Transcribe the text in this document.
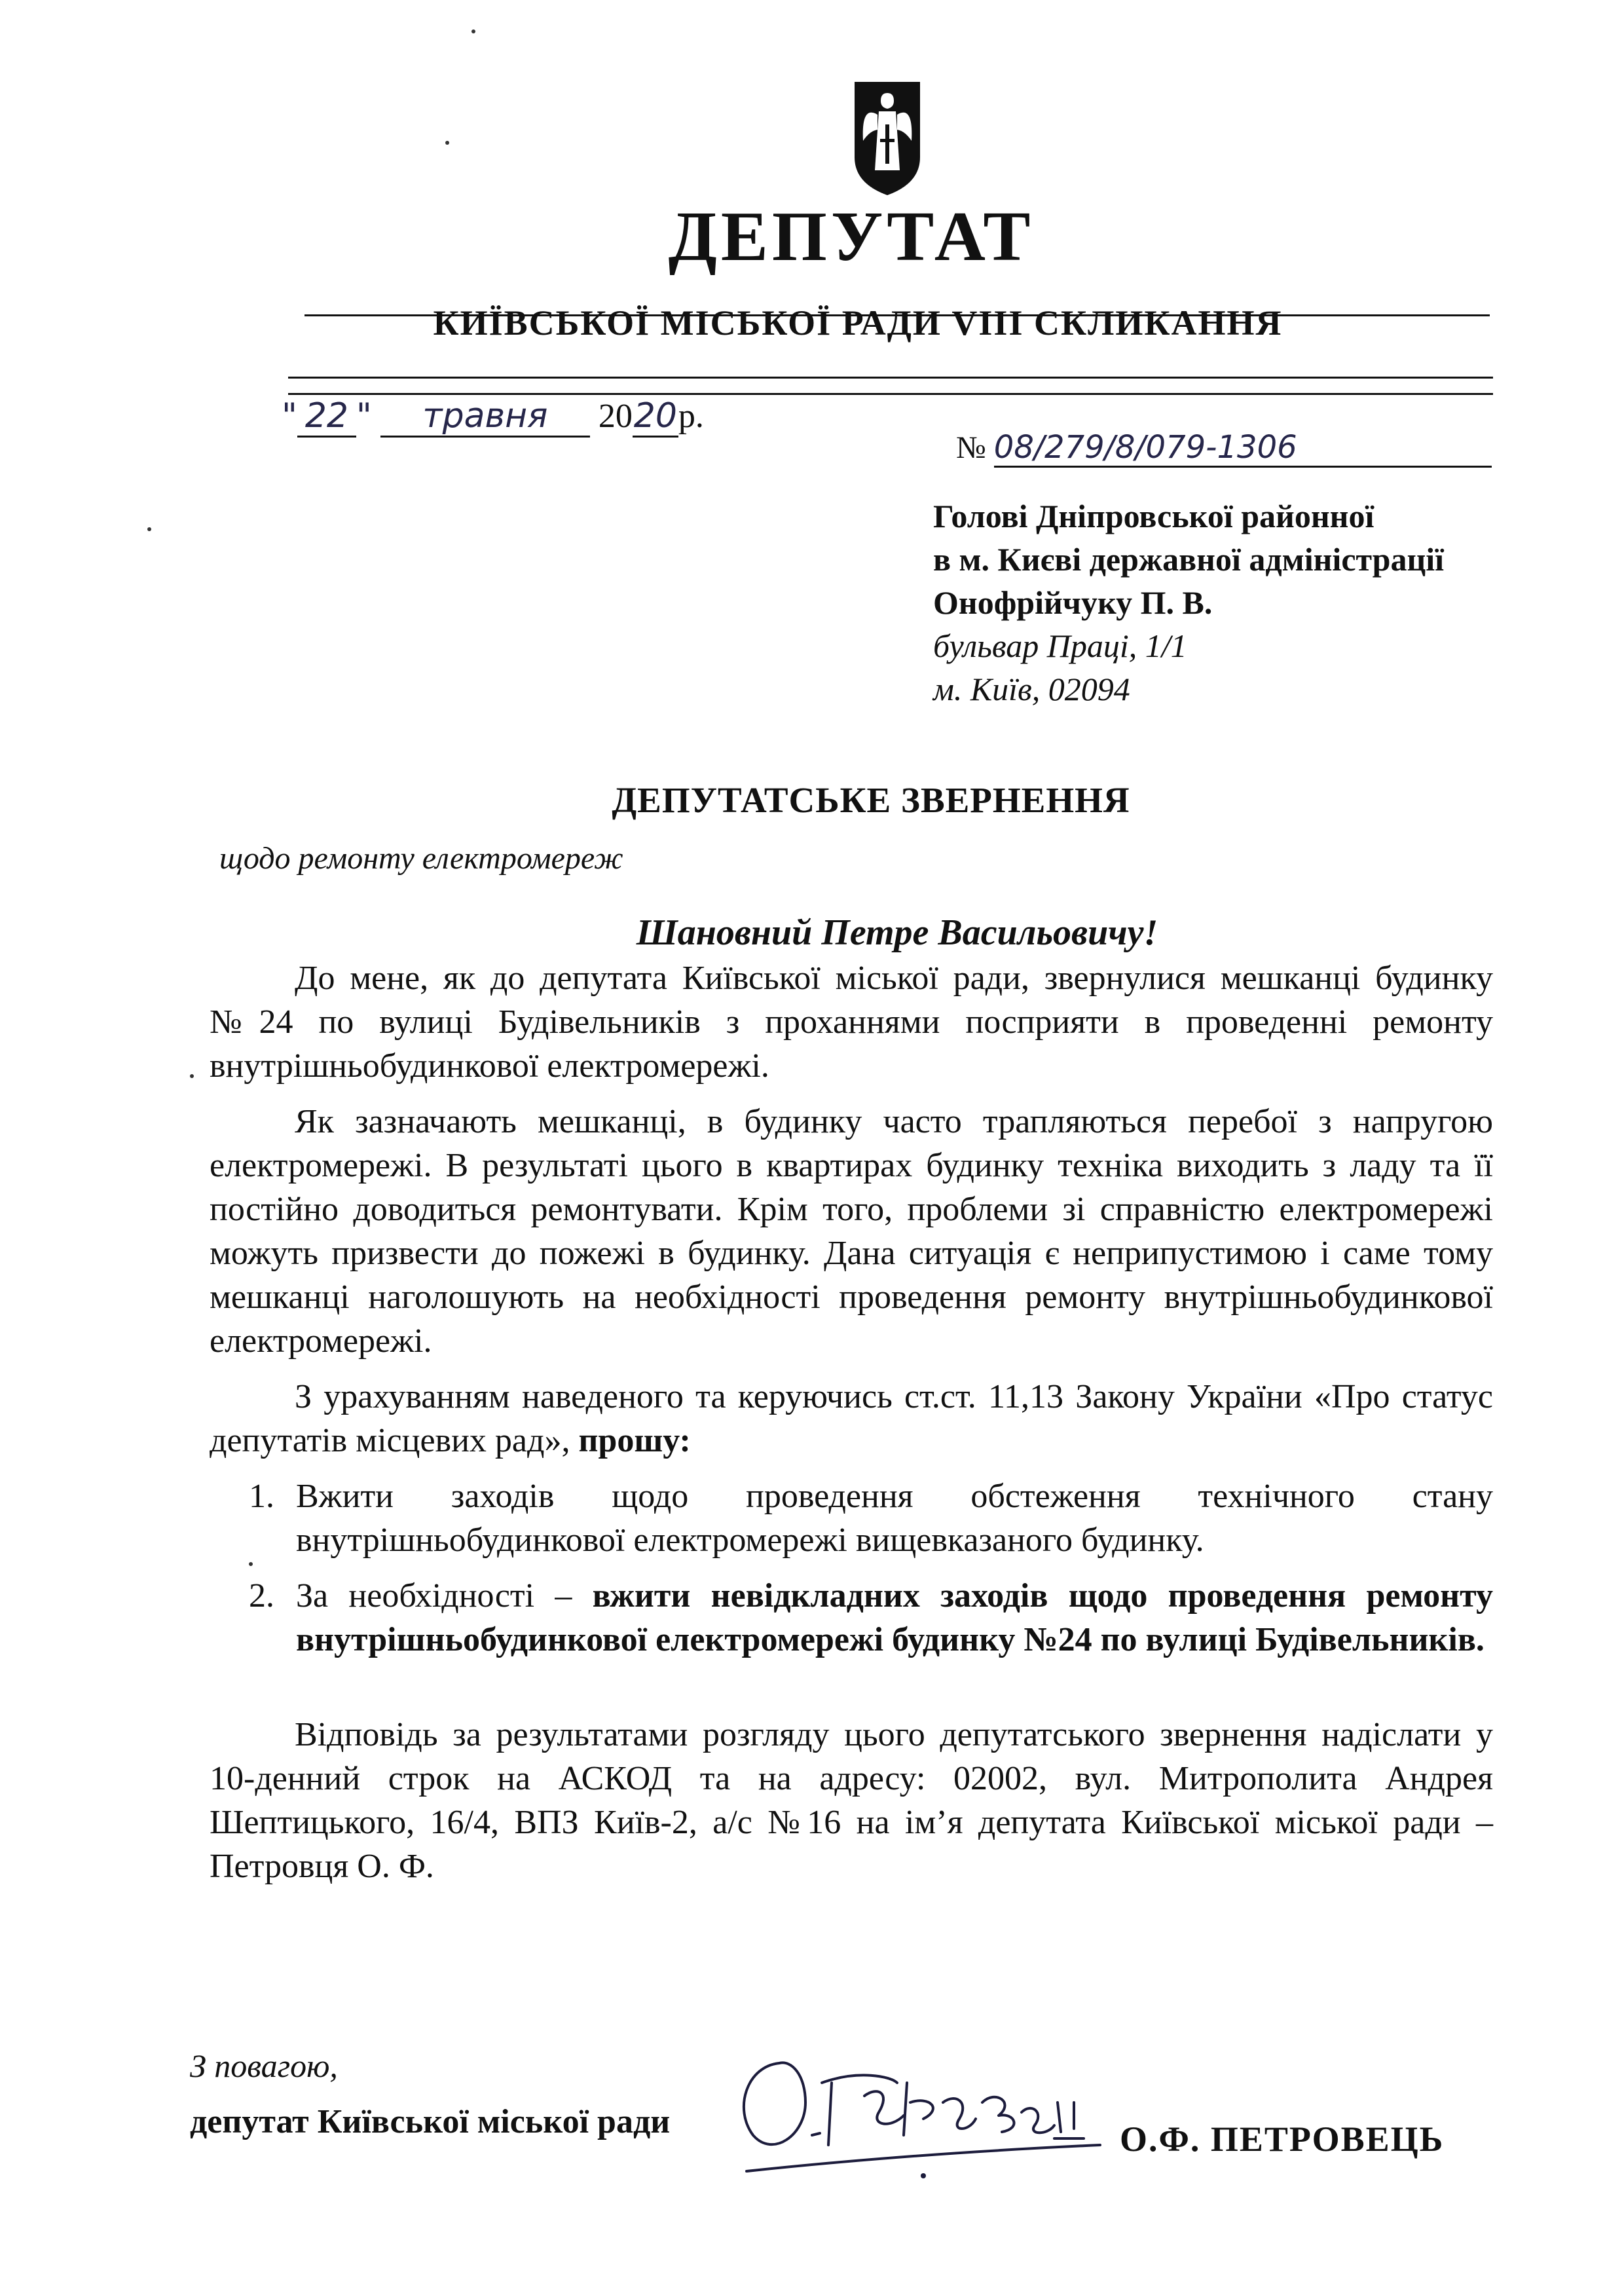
ДЕПУТАТ
КИЇВСЬКОЇ МІСЬКОЇ РАДИ VIII СКЛИКАННЯ
" 22 " травня 2020р.
№ 08/279/8/079-1306
Голові Дніпровської районної
в м. Києві державної адміністрації
Онофрійчуку П. В.
бульвар Праці, 1/1
м. Київ, 02094
ДЕПУТАТСЬКЕ ЗВЕРНЕННЯ
щодо ремонту електромереж
Шановний Петре Васильовичу!

До мене, як до депутата Київської міської ради, звернулися мешканці будинку №24 по вулиці Будівельників з проханнями посприяти в проведенні ремонту внутрішньобудинкової електромережі.

Як зазначають мешканці, в будинку часто трапляються перебої з напругою електромережі. В результаті цього в квартирах будинку техніка виходить з ладу та її постійно доводиться ремонтувати. Крім того, проблеми зі справністю електромережі можуть призвести до пожежі в будинку. Дана ситуація є неприпустимою і саме тому мешканці наголошують на необхідності проведення ремонту внутрішньобудинкової електромережі.

З урахуванням наведеного та керуючись ст.ст. 11,13 Закону України «Про статус депутатів місцевих рад», прошу:

1. Вжити заходів щодо проведення обстеження технічного стану внутрішньобудинкової електромережі вищевказаного будинку.
2. За необхідності – вжити невідкладних заходів щодо проведення ремонту внутрішньобудинкової електромережі будинку №24 по вулиці Будівельників.

Відповідь за результатами розгляду цього депутатського звернення надіслати у 10-денний строк на АСКОД та на адресу: 02002, вул. Митрополита Андрея Шептицького, 16/4, ВПЗ Київ-2, а/с №16 на ім’я депутата Київської міської ради – Петровця О. Ф.

З повагою,
депутат Київської міської ради	О.Ф. ПЕТРОВЕЦЬ
